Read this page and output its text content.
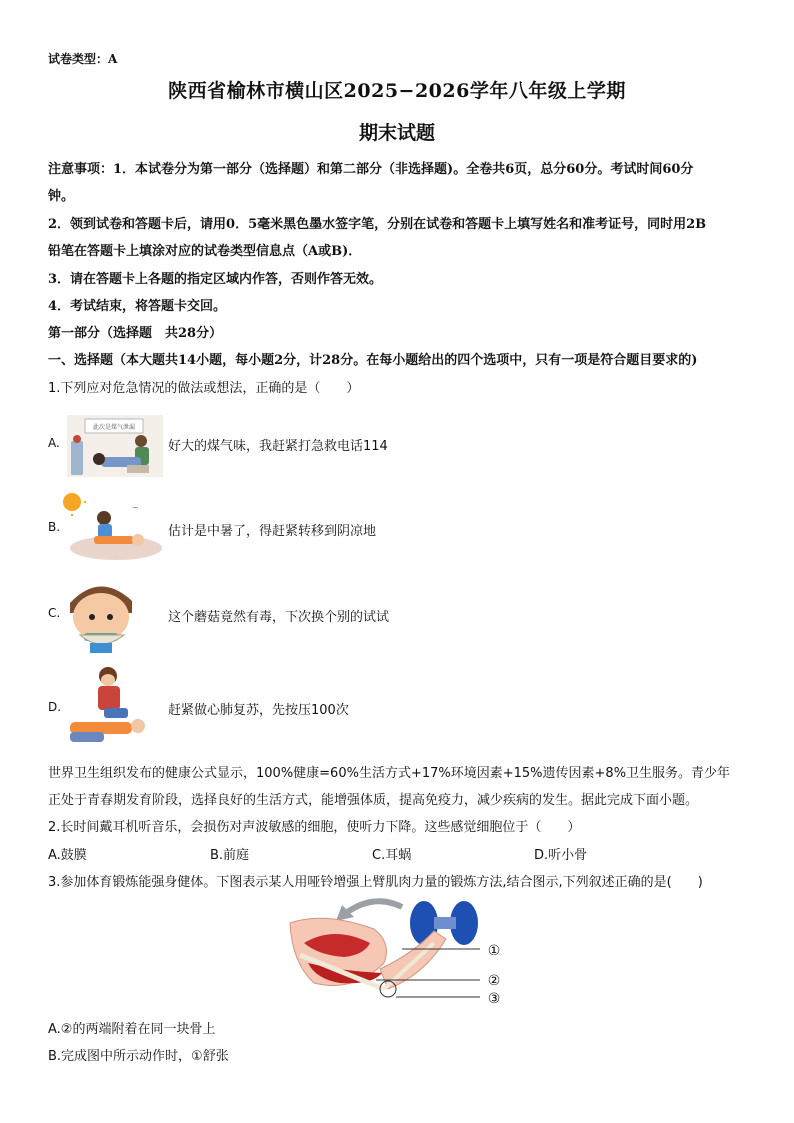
试卷类型：A
陕西省榆林市横山区2025−2026学年八年级上学期
期末试题
注意事项：1．本试卷分为第一部分（选择题）和第二部分（非选择题)。全卷共6页，总分60分。考试时间60分
钟。
2．领到试卷和答题卡后，请用0．5毫米黑色墨水签字笔，分别在试卷和答题卡上填写姓名和准考证号，同时用2B
铅笔在答题卡上填涂对应的试卷类型信息点（A或B)．
3．请在答题卡上各题的指定区域内作答，否则作答无效。
4．考试结束，将答题卡交回。
第一部分（选择题　共28分）
一、选择题（本大题共14小题，每小题2分，计28分。在每小题给出的四个选项中，只有一项是符合题目要求的)
1.下列应对危急情况的做法或想法，正确的是（　　）
A.
此次是煤气泄漏
好大的煤气味，我赶紧打急救电话114
B.
~
估计是中暑了，得赶紧转移到阴凉地
C.	这个蘑菇竟然有毒，下次换个别的试试
D.	赶紧做心肺复苏，先按压100次
世界卫生组织发布的健康公式显示，100%健康=60%生活方式+17%环境因素+15%遗传因素+8%卫生服务。青少年
正处于青春期发育阶段，选择良好的生活方式，能增强体质，提高免疫力，减少疾病的发生。据此完成下面小题。
2.长时间戴耳机听音乐，会损伤对声波敏感的细胞，使听力下降。这些感觉细胞位于（　　）
A.鼓膜	B.前庭	C.耳蜗	D.听小骨
3.参加体育锻炼能强身健体。下图表示某人用哑铃增强上臂肌肉力量的锻炼方法,结合图示,下列叙述正确的是(　　)
①
②
③
A.②的两端附着在同一块骨上
B.完成图中所示动作时，①舒张
